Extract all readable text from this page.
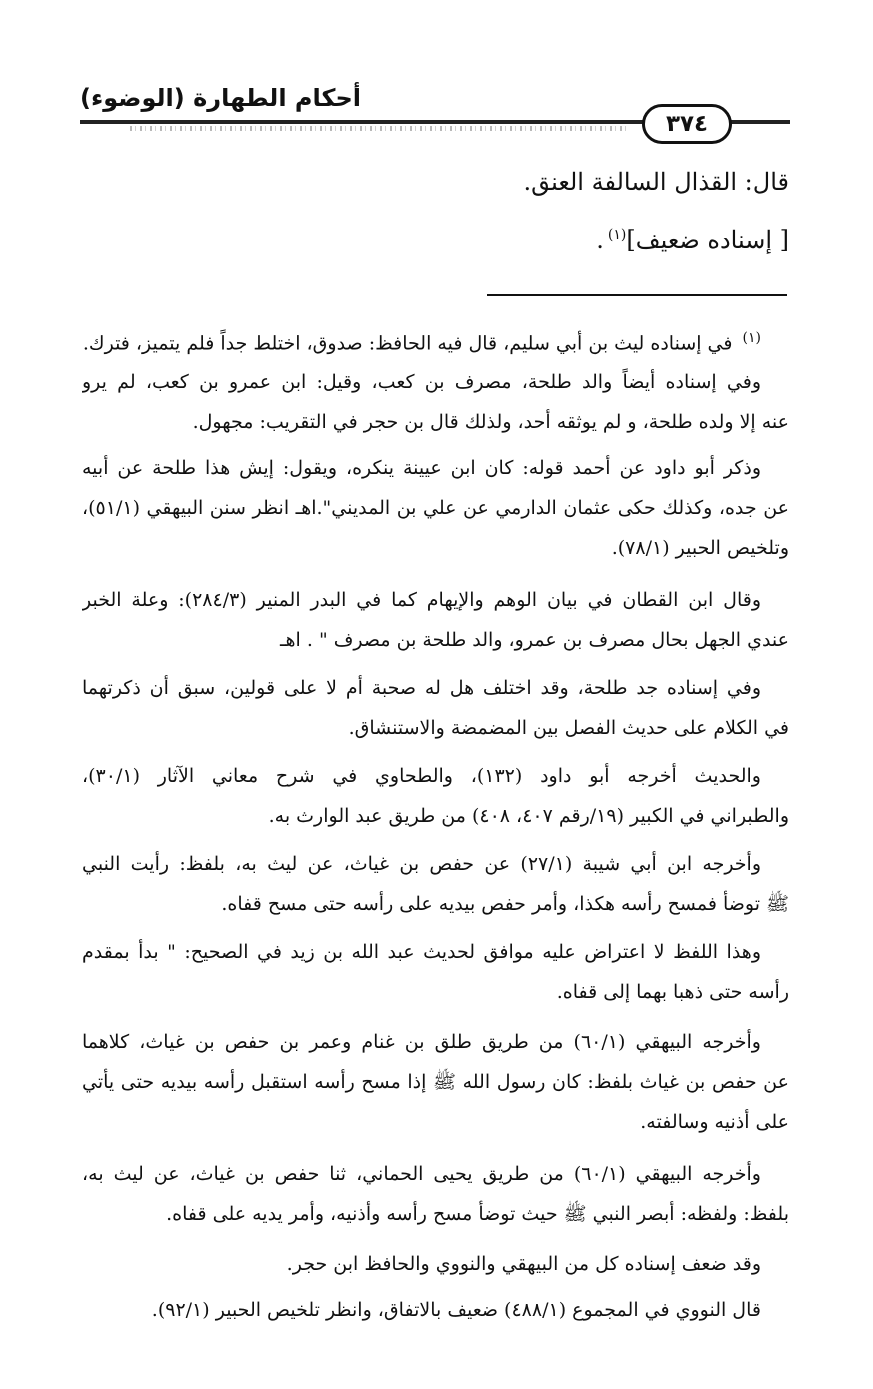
أحكام الطهارة (الوضوء)
٣٧٤
قال: القذال السالفة العنق.
[ إسناده ضعيف]$^{(١)}$.
$^{(١)}$ في إسناده ليث بن أبي سليم، قال فيه الحافظ: صدوق، اختلط جداً فلم يتميز، فترك.
وفي إسناده أيضاً والد طلحة، مصرف بن كعب، وقيل: ابن عمرو بن كعب، لم يرو
عنه إلا ولده طلحة، و لم يوثقه أحد، ولذلك قال بن حجر في التقريب: مجهول.
وذكر أبو داود عن أحمد قوله: كان ابن عيينة ينكره، ويقول: إيش هذا طلحة عن أبيه
عن جده، وكذلك حكى عثمان الدارمي عن علي بن المديني".اهـ انظر سنن البيهقي (٥١/١)،
وتلخيص الحبير (٧٨/١).
وقال ابن القطان في بيان الوهم والإيهام كما في البدر المنير (٢٨٤/٣): وعلة الخبر
عندي الجهل بحال مصرف بن عمرو، والد طلحة بن مصرف " . اهـ
وفي إسناده جد طلحة، وقد اختلف هل له صحبة أم لا على قولين، سبق أن ذكرتهما
في الكلام على حديث الفصل بين المضمضة والاستنشاق.
والحديث أخرجه أبو داود (١٣٢)، والطحاوي في شرح معاني الآثار (٣٠/١)،
والطبراني في الكبير (١٩/رقم ٤٠٧، ٤٠٨) من طريق عبد الوارث به.
وأخرجه ابن أبي شيبة (٢٧/١) عن حفص بن غياث، عن ليث به، بلفظ: رأيت النبي
ﷺ توضأ فمسح رأسه هكذا، وأمر حفص بيديه على رأسه حتى مسح قفاه.
وهذا اللفظ لا اعتراض عليه موافق لحديث عبد الله بن زيد في الصحيح: " بدأ بمقدم
رأسه حتى ذهبا بهما إلى قفاه.
وأخرجه البيهقي (٦٠/١) من طريق طلق بن غنام وعمر بن حفص بن غياث، كلاهما
عن حفص بن غياث بلفظ: كان رسول الله ﷺ إذا مسح رأسه استقبل رأسه بيديه حتى يأتي
على أذنيه وسالفته.
وأخرجه البيهقي (٦٠/١) من طريق يحيى الحماني، ثنا حفص بن غياث، عن ليث به،
بلفظ: ولفظه: أبصر النبي ﷺ حيث توضأ مسح رأسه وأذنيه، وأمر يديه على قفاه.
وقد ضعف إسناده كل من البيهقي والنووي والحافظ ابن حجر.
قال النووي في المجموع (٤٨٨/١) ضعيف بالاتفاق، وانظر تلخيص الحبير (٩٢/١).
